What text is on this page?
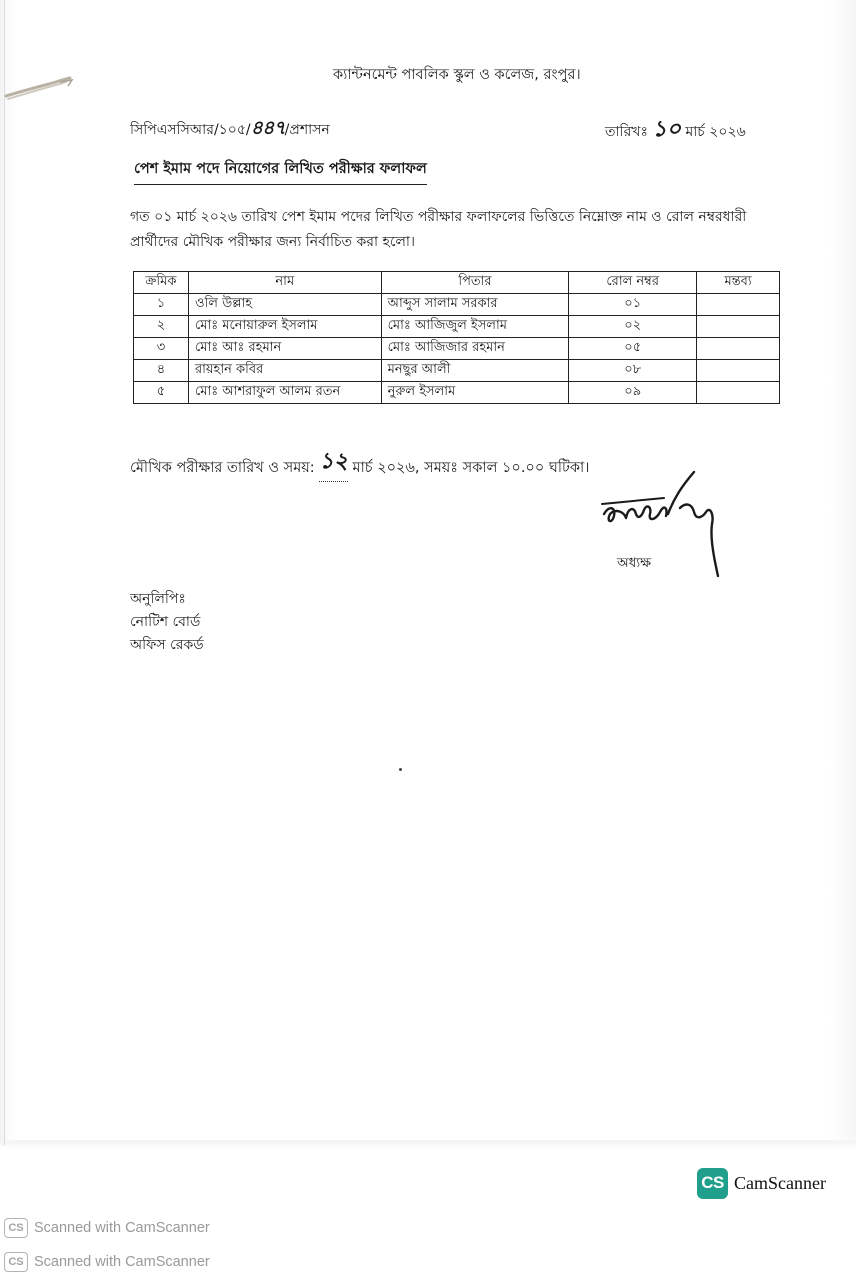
ক্যান্টনমেন্ট পাবলিক স্কুল ও কলেজ, রংপুর।
সিপিএসসিআর/১০৫/৪৪৭/প্রশাসন	তারিখঃ ১০ মার্চ ২০২৬
পেশ ইমাম পদে নিয়োগের লিখিত পরীক্ষার ফলাফল
গত ০১ মার্চ ২০২৬ তারিখ পেশ ইমাম পদের লিখিত পরীক্ষার ফলাফলের ভিত্তিতে নিম্নোক্ত নাম ও রোল নম্বরধারী প্রার্থীদের মৌখিক পরীক্ষার জন্য নির্বাচিত করা হলো।
ক্রমিক	নাম	পিতার	রোল নম্বর	মন্তব্য
১	ওলি উল্লাহ	আব্দুস সালাম সরকার	০১	
২	মোঃ মনোয়ারুল ইসলাম	মোঃ আজিজুল ইসলাম	০২	
৩	মোঃ আঃ রহমান	মোঃ আজিজার রহমান	০৫	
৪	রায়হান কবির	মনছুর আলী	০৮	
৫	মোঃ আশরাফুল আলম রতন	নুরুল ইসলাম	০৯	
মৌখিক পরীক্ষার তারিখ ও সময়: ১২ মার্চ ২০২৬, সময়ঃ সকাল ১০.০০ ঘটিকা।
অধ্যক্ষ
অনুলিপিঃ
নোটিশ বোর্ড
অফিস রেকর্ড
CS CamScanner
CS Scanned with CamScanner
CS Scanned with CamScanner
